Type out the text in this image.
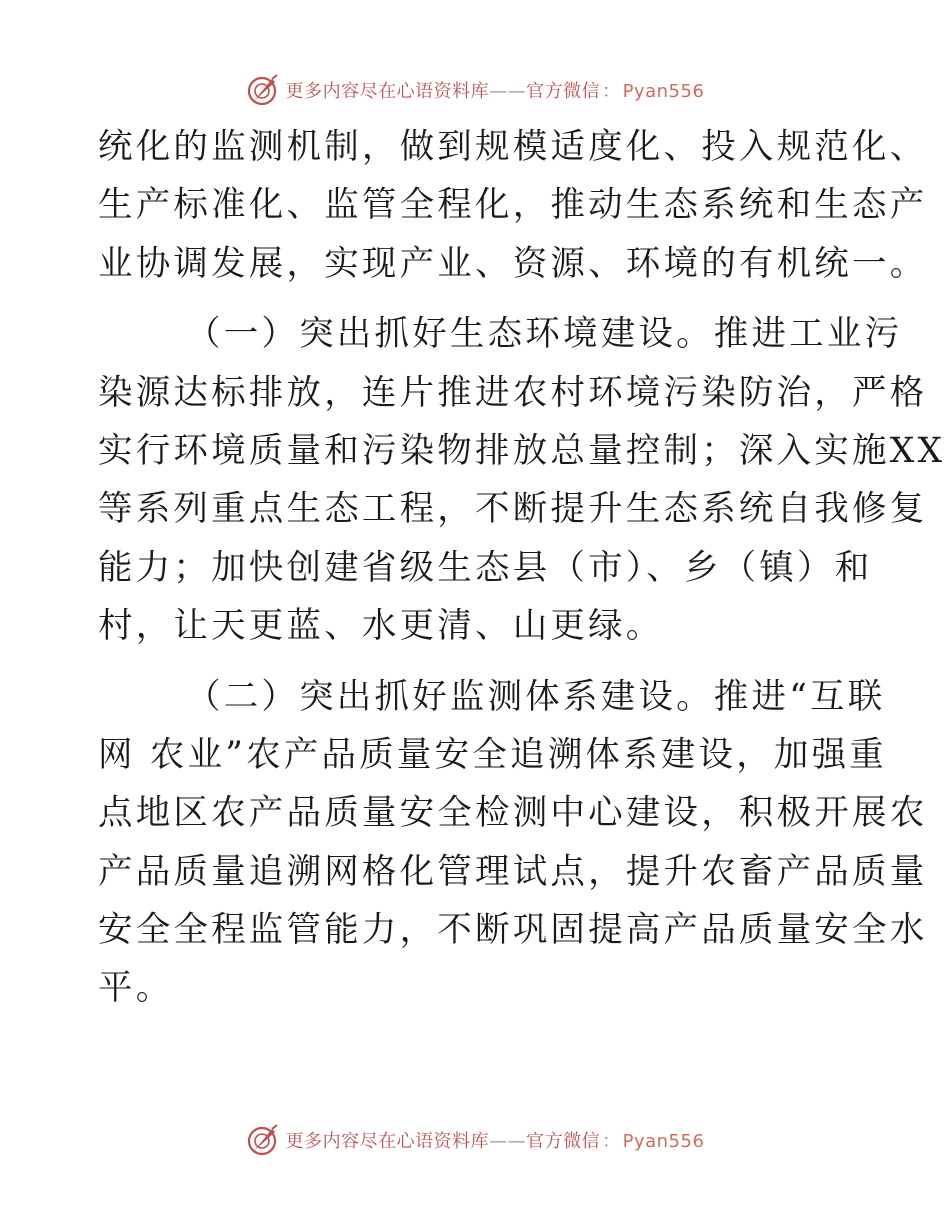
更多内容尽在心语资料库——官方微信 ： Pyan556
统化的监测机制，做到规模适度化、投入规范化、
生产标准化、监管全程化，推动生态系统和生态产
业协调发展，实现产业、资源、环境的有机统一。
（一）突出抓好生态环境建设。推进工业污
染源达标排放，连片推进农村环境污染防治，严格
实行环境质量和污染物排放总量控制；深入实施XX
等系列重点生态工程，不断提升生态系统自我修复
能力；加快创建省级生态县（市）、乡（镇）和
村，让天更蓝、水更清、山更绿。
（二）突出抓好监测体系建设。推进“互联
网 农业”农产品质量安全追溯体系建设，加强重
点地区农产品质量安全检测中心建设，积极开展农
产品质量追溯网格化管理试点，提升农畜产品质量
安全全程监管能力，不断巩固提高产品质量安全水
平。
更多内容尽在心语资料库——官方微信 ： Pyan556
